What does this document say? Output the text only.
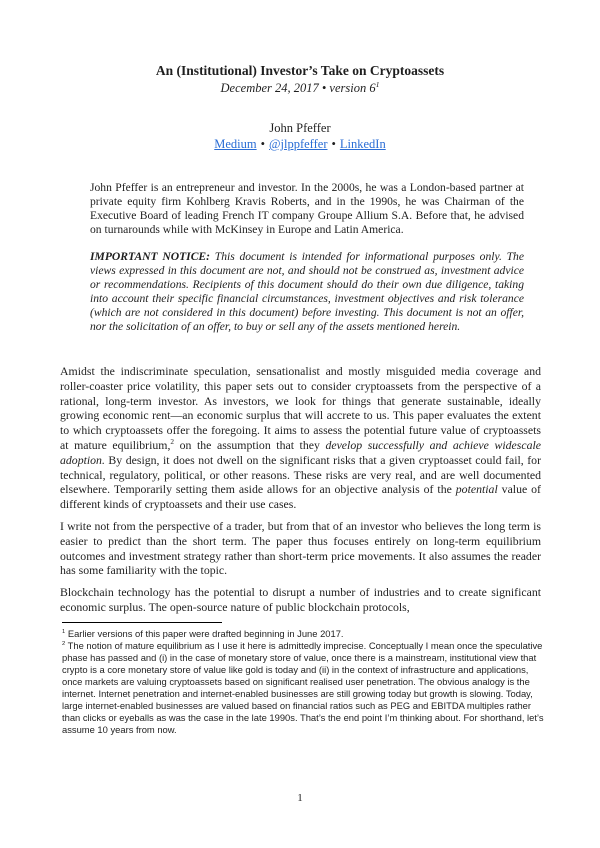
An (Institutional) Investor’s Take on Cryptoassets
December 24, 2017 • version $6^1$
John Pfeffer
Medium • @jlppfeffer • LinkedIn

John Pfeffer is an entrepreneur and investor. In the 2000s, he was a London-based partner at private equity firm Kohlberg Kravis Roberts, and in the 1990s, he was Chairman of the Executive Board of leading French IT company Groupe Allium S.A. Before that, he advised on turnarounds while with McKinsey in Europe and Latin America.

IMPORTANT NOTICE: This document is intended for informational purposes only. The views expressed in this document are not, and should not be construed as, investment advice or recommendations. Recipients of this document should do their own due diligence, taking into account their specific financial circumstances, investment objectives and risk tolerance (which are not considered in this document) before investing. This document is not an offer, nor the solicitation of an offer, to buy or sell any of the assets mentioned herein.

Amidst the indiscriminate speculation, sensationalist and mostly misguided media coverage and roller-coaster price volatility, this paper sets out to consider cryptoassets from the perspective of a rational, long-term investor. As investors, we look for things that generate sustainable, ideally growing economic rent—an economic surplus that will accrete to us. This paper evaluates the extent to which cryptoassets offer the foregoing. It aims to assess the potential future value of cryptoassets at mature equilibrium,$^2$ on the assumption that they develop successfully and achieve widescale adoption. By design, it does not dwell on the significant risks that a given cryptoasset could fail, for technical, regulatory, political, or other reasons. These risks are very real, and are well documented elsewhere. Temporarily setting them aside allows for an objective analysis of the potential value of different kinds of cryptoassets and their use cases.

I write not from the perspective of a trader, but from that of an investor who believes the long term is easier to predict than the short term. The paper thus focuses entirely on long-term equilibrium outcomes and investment strategy rather than short-term price movements. It also assumes the reader has some familiarity with the topic.

Blockchain technology has the potential to disrupt a number of industries and to create significant economic surplus. The open-source nature of public blockchain protocols,

$^1$ Earlier versions of this paper were drafted beginning in June 2017.

$^2$ The notion of mature equilibrium as I use it here is admittedly imprecise. Conceptually I mean once the speculative phase has passed and (i) in the case of monetary store of value, once there is a mainstream, institutional view that crypto is a core monetary store of value like gold is today and (ii) in the context of infrastructure and applications, once markets are valuing cryptoassets based on significant realised user penetration. The obvious analogy is the internet. Internet penetration and internet-enabled businesses are still growing today but growth is slowing. Today, large internet-enabled businesses are valued based on financial ratios such as PEG and EBITDA multiples rather than clicks or eyeballs as was the case in the late 1990s. That’s the end point I’m thinking about. For shorthand, let’s assume 10 years from now.

1
